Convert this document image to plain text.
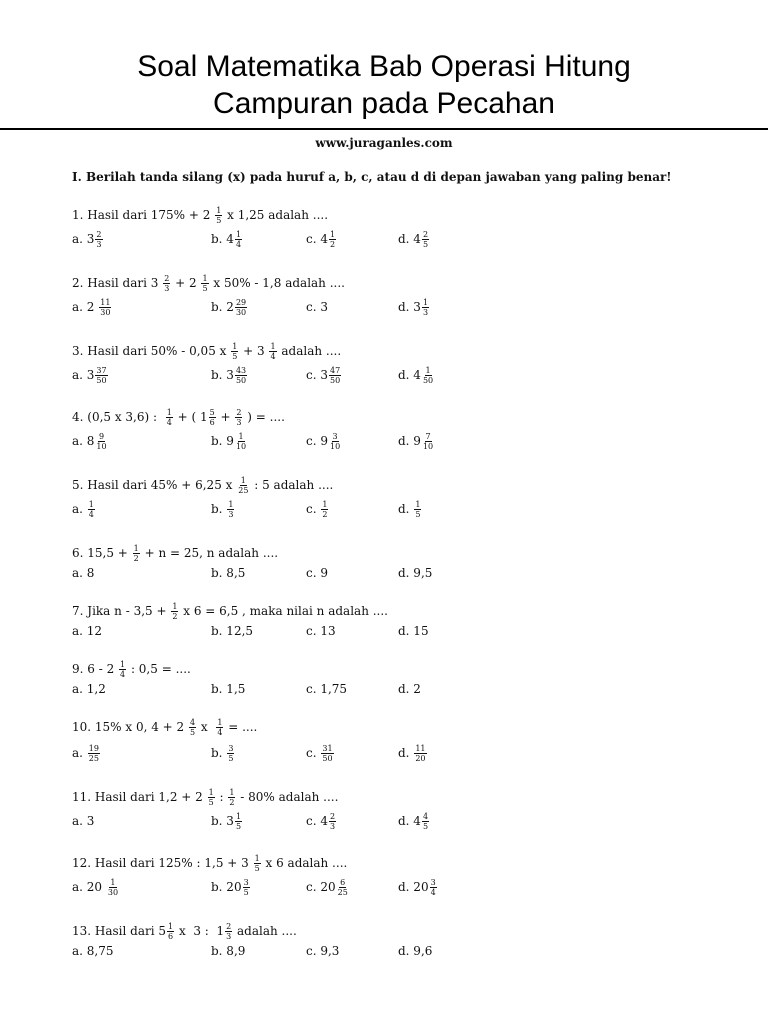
Soal Matematika Bab Operasi Hitung
Campuran pada Pecahan
www.juraganles.com
I. Berilah tanda silang (x) pada huruf a, b, c, atau d di depan jawaban yang paling benar!
1. Hasil dari $175\% + 2 \frac{1}{5}$ x 1,25 adalah ....
a. $3 \frac{2}{3}$	b. $4 \frac{1}{4}$	c. $4 \frac{1}{2}$	d. $4 \frac{2}{5}$
2. Hasil dari $3 \frac{2}{3} + 2 \frac{1}{5}$ x 50% - 1,8 adalah ....
a. $2 \frac{11}{30}$	b. $2 \frac{29}{30}$	c. 3	d. $3 \frac{1}{3}$
3. Hasil dari 50% - 0,05 x $\frac{1}{5} + 3 \frac{1}{4}$ adalah ....
a. $3 \frac{37}{50}$	b. $3 \frac{43}{50}$	c. $3 \frac{47}{50}$	d. $4 \frac{1}{50}$
4. (0,5 x 3,6) : $\frac{1}{4}$ + ( $1 \frac{5}{6} + \frac{2}{3}$ ) = ....
a. $8 \frac{9}{10}$	b. $9 \frac{1}{10}$	c. $9 \frac{3}{10}$	d. $9 \frac{7}{10}$
5. Hasil dari 45% + 6,25 x $\frac{1}{25}$ : 5 adalah ....
a. $\frac{1}{4}$	b. $\frac{1}{3}$	c. $\frac{1}{2}$	d. $\frac{1}{5}$
6. $15,5 + \frac{1}{2} + n = 25$, n adalah ....
a. 8	b. 8,5	c. 9	d. 9,5
7. Jika $n - 3,5 + \frac{1}{2}$ x 6 = 6,5 , maka nilai n adalah ....
a. 12	b. 12,5	c. 13	d. 15
9. $6 - 2 \frac{1}{4}$ : 0,5 = ....
a. 1,2	b. 1,5	c. 1,75	d. 2
10. 15% x 0, $4 + 2 \frac{4}{5}$ x $\frac{1}{4}$ = ....
a. $\frac{19}{25}$	b. $\frac{3}{5}$	c. $\frac{31}{50}$	d. $\frac{11}{20}$
11. Hasil dari $1,2 + 2 \frac{1}{5}$ : $\frac{1}{2} - 80\%$ adalah ....
a. 3	b. $3 \frac{1}{5}$	c. $4 \frac{2}{3}$	d. $4 \frac{4}{5}$
12. Hasil dari 125% : $1,5 + 3 \frac{1}{5}$ x 6 adalah ....
a. $20 \frac{1}{30}$	b. $20 \frac{3}{5}$	c. $20 \frac{6}{25}$	d. $20 \frac{3}{4}$
13. Hasil dari $5 \frac{1}{6}$ x  3 :  $1 \frac{2}{3}$ adalah ....
a. 8,75	b. 8,9	c. 9,3	d. 9,6
